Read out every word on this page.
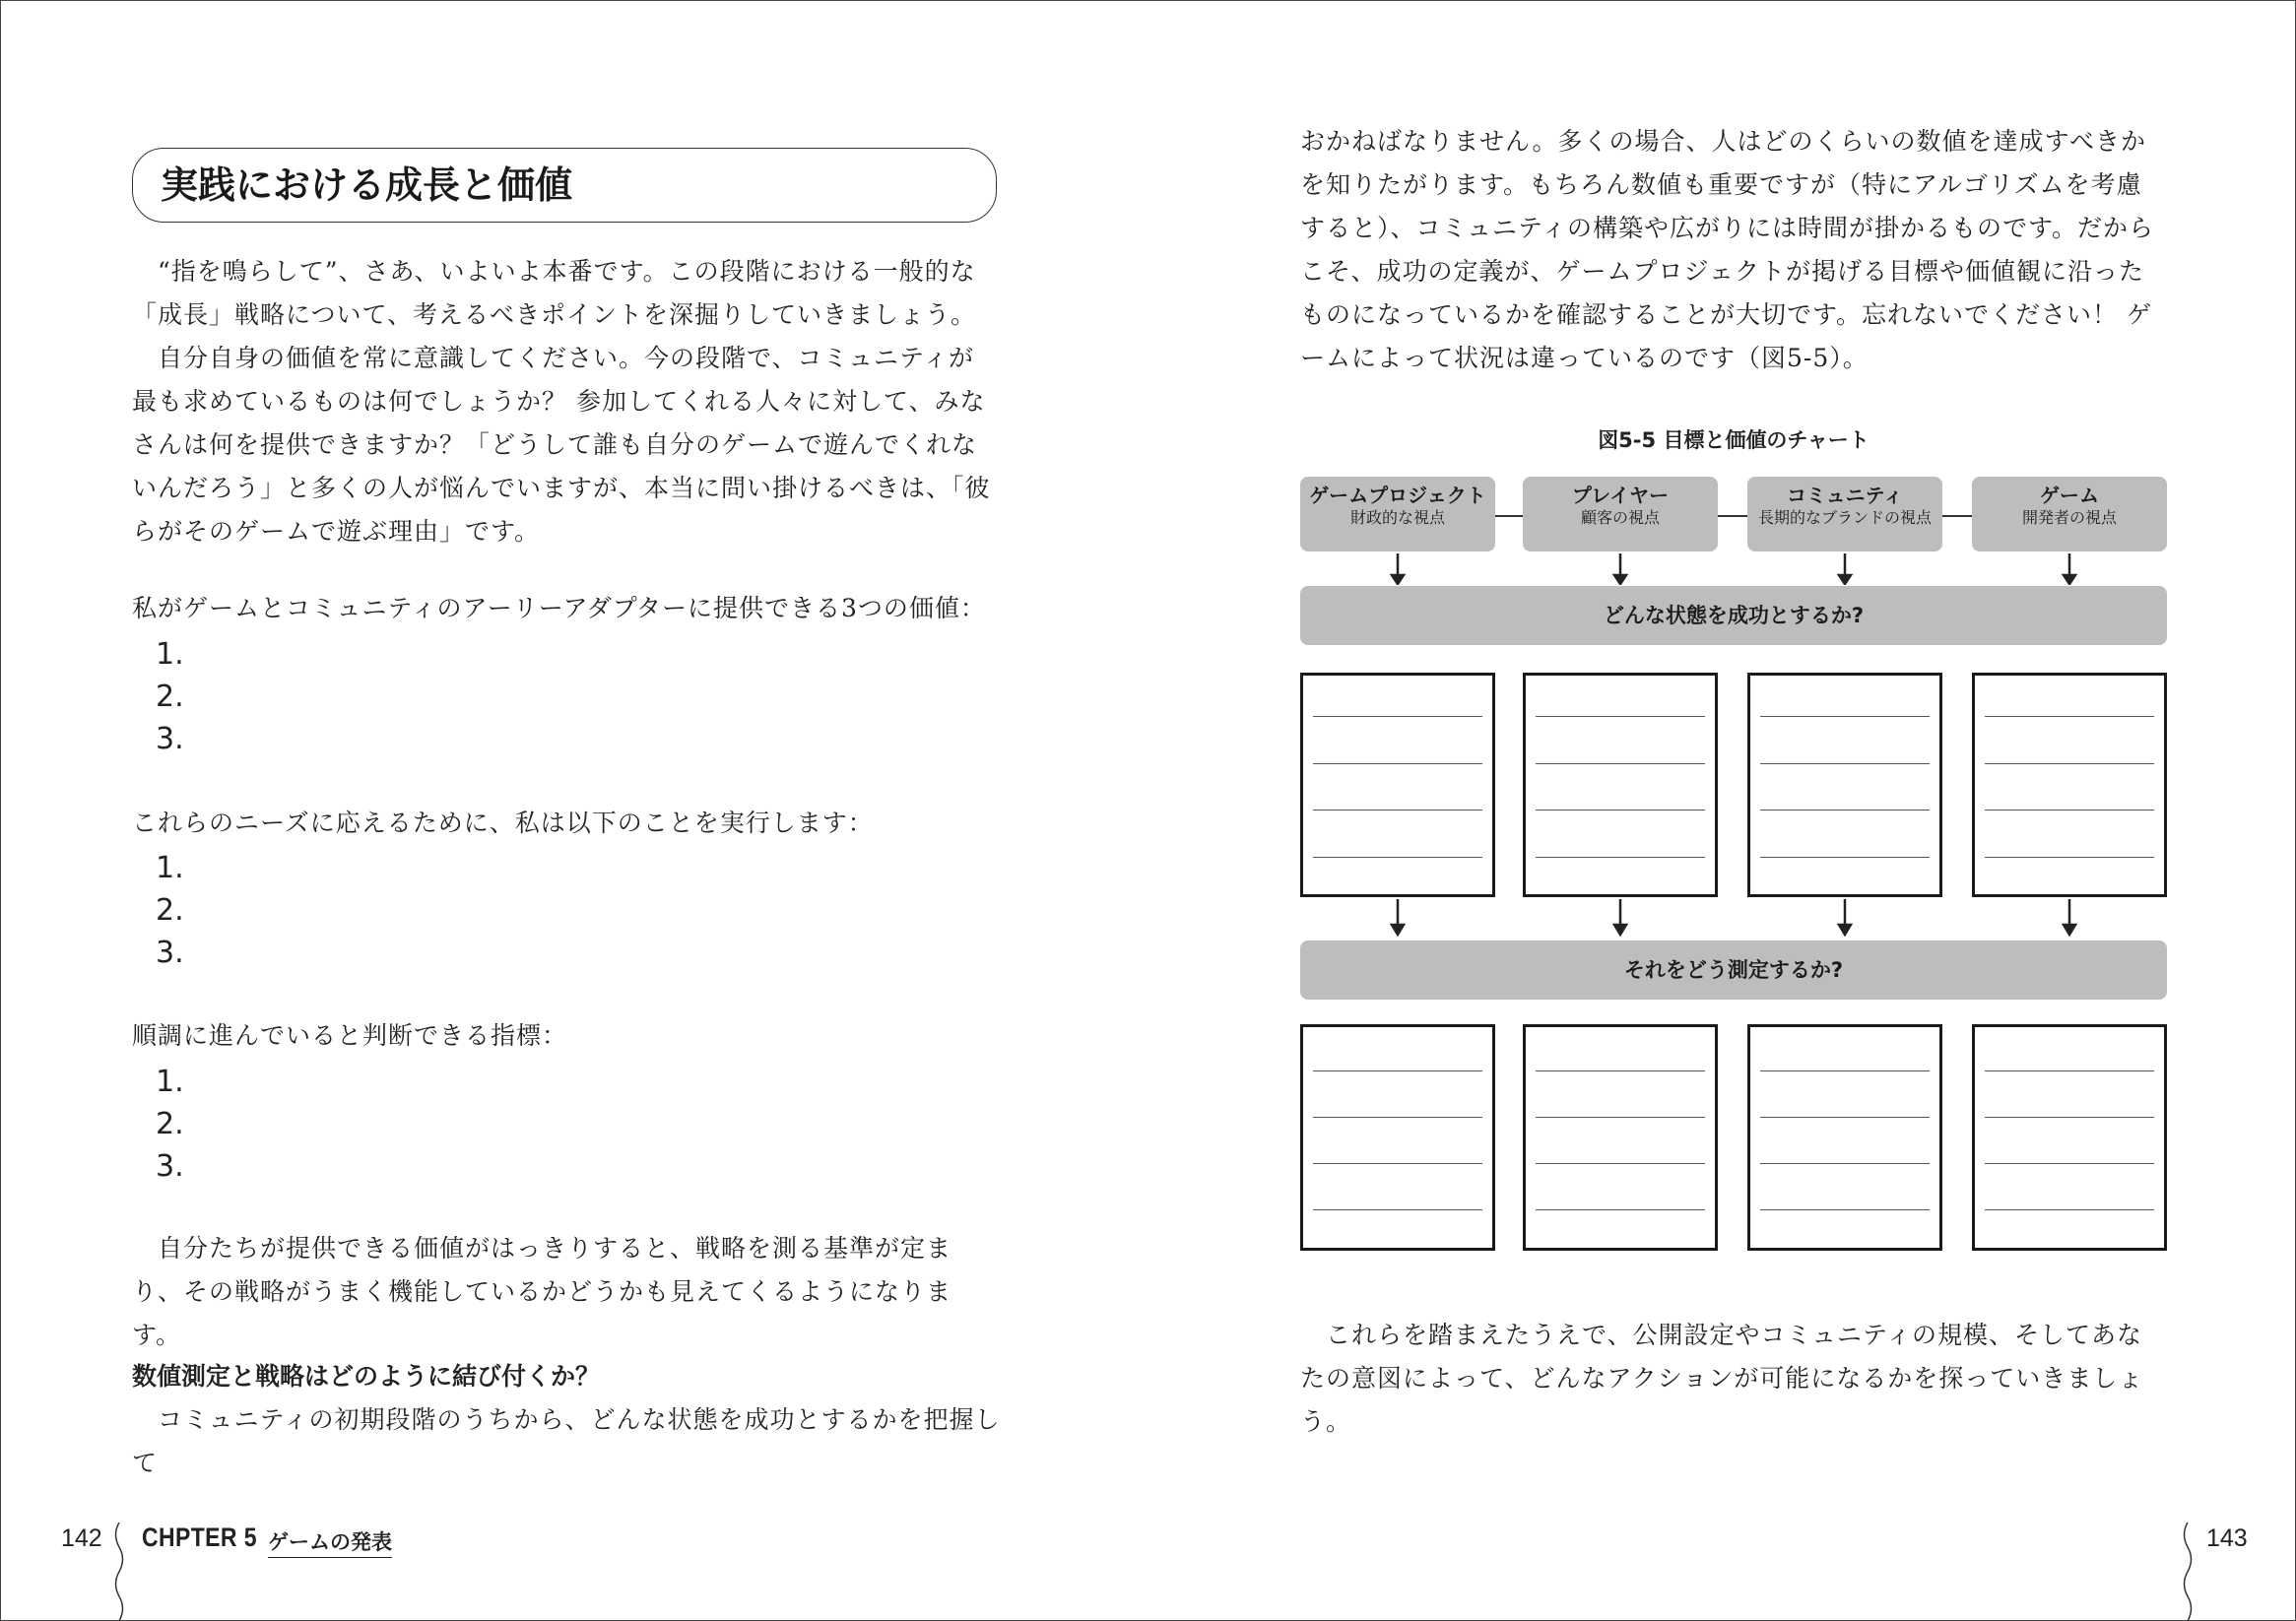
実践における成長と価値

“指を鳴らして”、さあ、いよいよ本番です。この段階における一般的な「成長」戦略について、考えるべきポイントを深掘りしていきましょう。

自分自身の価値を常に意識してください。今の段階で、コミュニティが最も求めているものは何でしょうか？ 参加してくれる人々に対して、みなさんは何を提供できますか？「どうして誰も自分のゲームで遊んでくれないんだろう」と多くの人が悩んでいますが、本当に問い掛けるべきは、「彼らがそのゲームで遊ぶ理由」です。

私がゲームとコミュニティのアーリーアダプターに提供できる3つの価値：

1.

2.

3.

これらのニーズに応えるために、私は以下のことを実行します：

1.

2.

3.

順調に進んでいると判断できる指標：

1.

2.

3.

自分たちが提供できる価値がはっきりすると、戦略を測る基準が定まり、その戦略がうまく機能しているかどうかも見えてくるようになります。

数値測定と戦略はどのように結び付くか？

コミュニティの初期段階のうちから、どんな状態を成功とするかを把握して

142 CHPTER 5 ゲームの発表

おかねばなりません。多くの場合、人はどのくらいの数値を達成すべきかを知りたがります。もちろん数値も重要ですが（特にアルゴリズムを考慮すると）、コミュニティの構築や広がりには時間が掛かるものです。だからこそ、成功の定義が、ゲームプロジェクトが掲げる目標や価値観に沿ったものになっているかを確認することが大切です。忘れないでください！ ゲームによって状況は違っているのです（図5-5）。

図5-5 目標と価値のチャート
ゲームプロジェクト
財政的な視点
プレイヤー
顧客の視点
コミュニティ
長期的なブランドの視点
ゲーム
開発者の視点
どんな状態を成功とするか?
それをどう測定するか?

これらを踏まえたうえで、公開設定やコミュニティの規模、そしてあなたの意図によって、どんなアクションが可能になるかを探っていきましょう。

143
